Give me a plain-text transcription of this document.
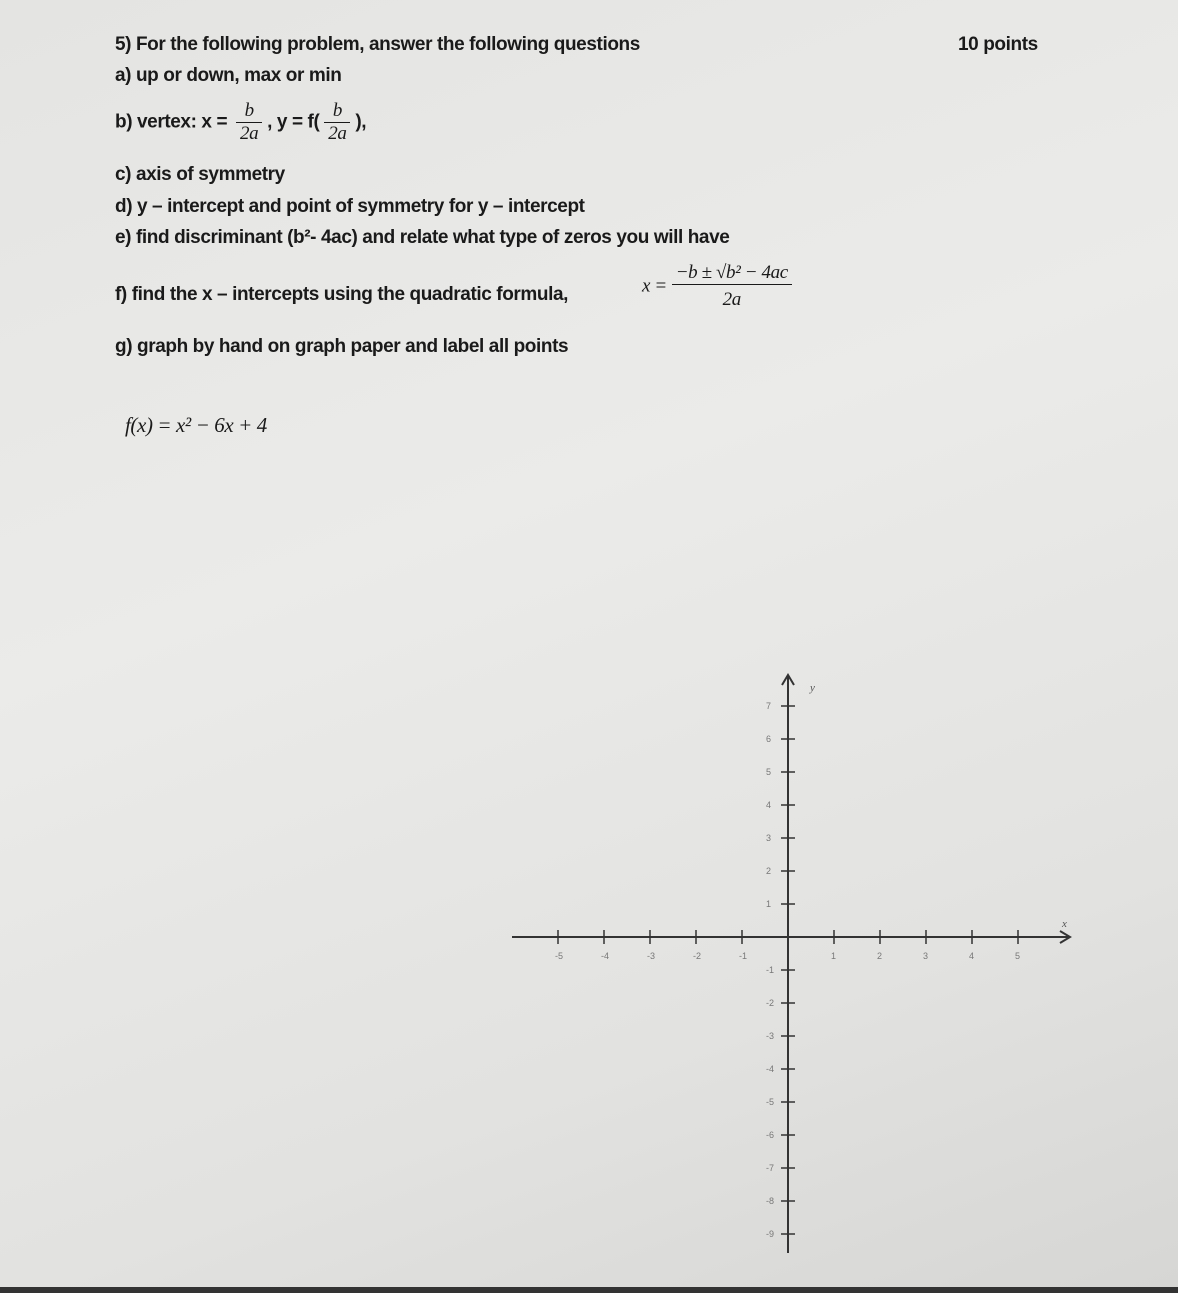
5) For the following problem, answer the following questions	10 points
a) up or down, max or min
b) vertex: $x = \frac{b}{2a}$ , $y = f( \frac{b}{2a}$ ),
c) axis of symmetry
d) y – intercept and point of symmetry for y – intercept
e) find discriminant (b²- 4ac) and relate what type of zeros you will have
f) find the x – intercepts using the quadratic formula,	$x = \frac{\text{−b ± √b² − 4ac}}{2a}$
g) graph by hand on graph paper and label all points
f(x) = x² − 6x + 4
x
y
-5	-4	-3	-2	-1	1	2	3	4	5
7
6
5
4
3
2
1
-1
-2
-3
-4
-5
-6
-7
-8
-9
